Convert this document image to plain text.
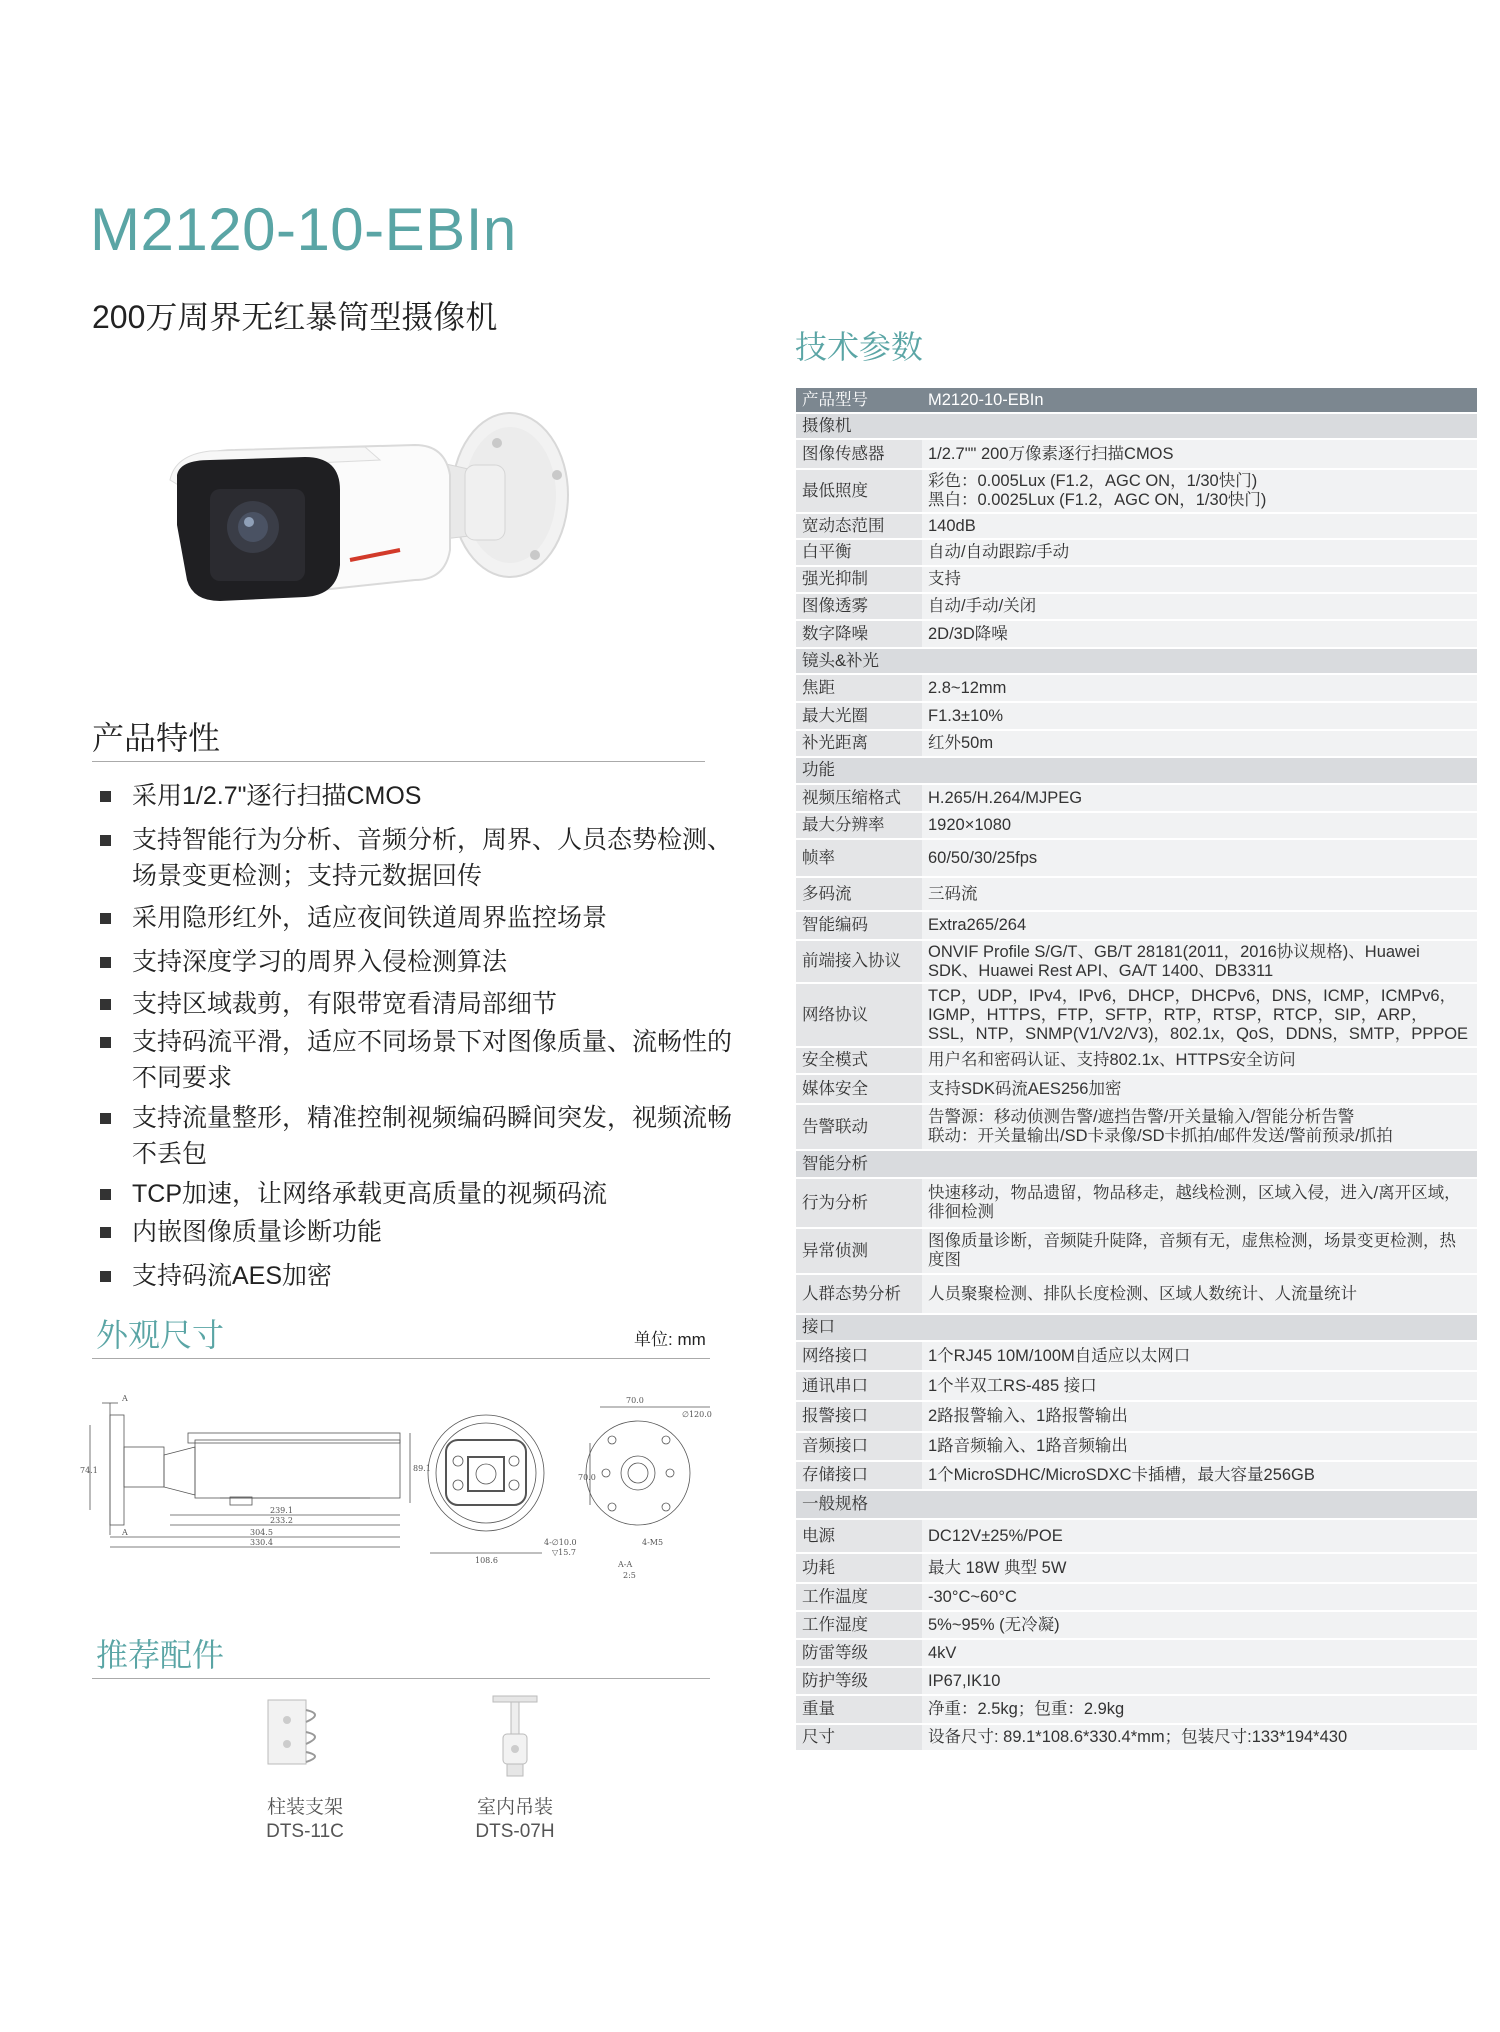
M2120-10-EBIn
200万周界无红暴筒型摄像机
产品特性
采用1/2.7"逐行扫描CMOS
支持智能行为分析、音频分析，周界、人员态势检测、场景变更检测；支持元数据回传
采用隐形红外，适应夜间铁道周界监控场景
支持深度学习的周界入侵检测算法
支持区域裁剪，有限带宽看清局部细节
支持码流平滑，适应不同场景下对图像质量、流畅性的不同要求
支持流量整形，精准控制视频编码瞬间突发，视频流畅不丢包
TCP加速，让网络承载更高质量的视频码流
内嵌图像质量诊断功能
支持码流AES加密
外观尺寸	单位: mm
A
A
74.1	89.1
239.1
233.2
304.5
330.4
108.6
70.0
∅120.0
70.0
4-∅10.0
▽15.7
4-M5
A-A
2:5
推荐配件
柱装支架
DTS-11C
室内吊装
DTS-07H
技术参数
产品型号	M2120-10-EBIn
摄像机	
图像传感器	1/2.7"" 200万像素逐行扫描CMOS
最低照度	彩色：0.005Lux (F1.2，AGC ON，1/30快门)
黑白：0.0025Lux (F1.2，AGC ON，1/30快门)
宽动态范围	140dB
白平衡	自动/自动跟踪/手动
强光抑制	支持
图像透雾	自动/手动/关闭
数字降噪	2D/3D降噪
镜头&补光	
焦距	2.8~12mm
最大光圈	F1.3±10%
补光距离	红外50m
功能	
视频压缩格式	H.265/H.264/MJPEG
最大分辨率	1920×1080
帧率	60/50/30/25fps
多码流	三码流
智能编码	Extra265/264
前端接入协议	ONVIF Profile S/G/T、GB/T 28181(2011，2016协议规格)、Huawei SDK、Huawei Rest API、GA/T 1400、DB3311
网络协议	TCP，UDP，IPv4，IPv6，DHCP，DHCPv6，DNS，ICMP，ICMPv6，IGMP，HTTPS，FTP，SFTP，RTP，RTSP，RTCP，SIP，ARP，SSL，NTP，SNMP(V1/V2/V3)，802.1x，QoS，DDNS，SMTP，PPPOE
安全模式	用户名和密码认证、支持802.1x、HTTPS安全访问
媒体安全	支持SDK码流AES256加密
告警联动	告警源：移动侦测告警/遮挡告警/开关量输入/智能分析告警
联动：开关量输出/SD卡录像/SD卡抓拍/邮件发送/警前预录/抓拍
智能分析	
行为分析	快速移动，物品遗留，物品移走，越线检测，区域入侵，进入/离开区域，徘徊检测
异常侦测	图像质量诊断，音频陡升陡降，音频有无，虚焦检测，场景变更检测，热度图
人群态势分析	人员聚聚检测、排队长度检测、区域人数统计、人流量统计
接口	
网络接口	1个RJ45 10M/100M自适应以太网口
通讯串口	1个半双工RS-485 接口
报警接口	2路报警输入、1路报警输出
音频接口	1路音频输入、1路音频输出
存储接口	1个MicroSDHC/MicroSDXC卡插槽，最大容量256GB
一般规格	
电源	DC12V±25%/POE
功耗	最大 18W 典型 5W
工作温度	-30°C~60°C
工作湿度	5%~95% (无冷凝)
防雷等级	4kV
防护等级	IP67,IK10
重量	净重：2.5kg；包重：2.9kg
尺寸	设备尺寸: 89.1*108.6*330.4*mm；包装尺寸:133*194*430
